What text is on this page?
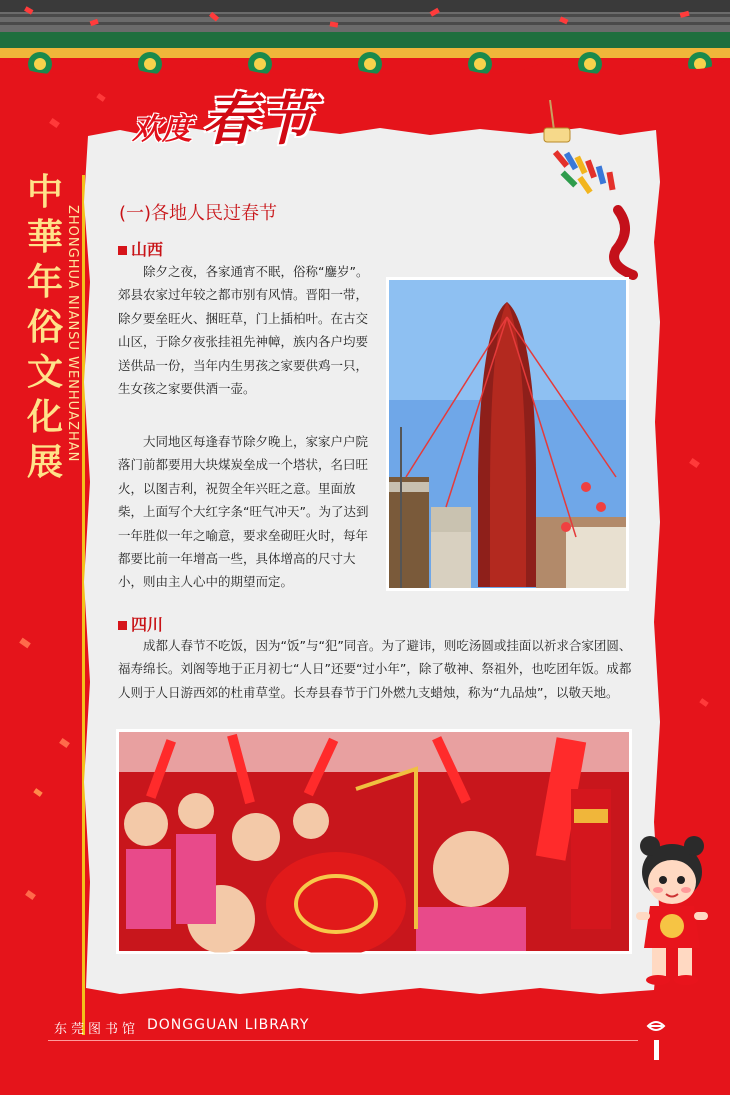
欢度 春节
中
華
年
俗
文
化
展 ZHONGHUA NIANSU WENHUAZHAN (一)各地人民过春节
山西

除夕之夜，各家通宵不眠，俗称“鏖岁”。郊县农家过年较之都市别有风情。晋阳一带，除夕要垒旺火、捆旺草，门上插柏叶。在古交山区，于除夕夜张挂祖先神幛，族内各户均要送供品一份，当年内生男孩之家要供鸡一只，生女孩之家要供酒一壶。

大同地区每逢春节除夕晚上，家家户户院落门前都要用大块煤炭垒成一个塔状，名曰旺火，以图吉利，祝贺全年兴旺之意。里面放柴，上面写个大红字条“旺气冲天”。为了达到一年胜似一年之喻意，要求垒砌旺火时，每年都要比前一年增高一些，具体增高的尺寸大小，则由主人心中的期望而定。

四川

成都人春节不吃饭，因为“饭”与“犯”同音。为了避讳，则吃汤圆或挂面以祈求合家团圆、福寿绵长。刘阁等地于正月初七“人日”还要“过小年”，除了敬神、祭祖外，也吃团年饭。成都人则于人日游西郊的杜甫草堂。长寿县春节于门外燃九支蜡烛，称为“九品烛”，以敬天地。

东莞图书馆 DONGGUAN LIBRARY
